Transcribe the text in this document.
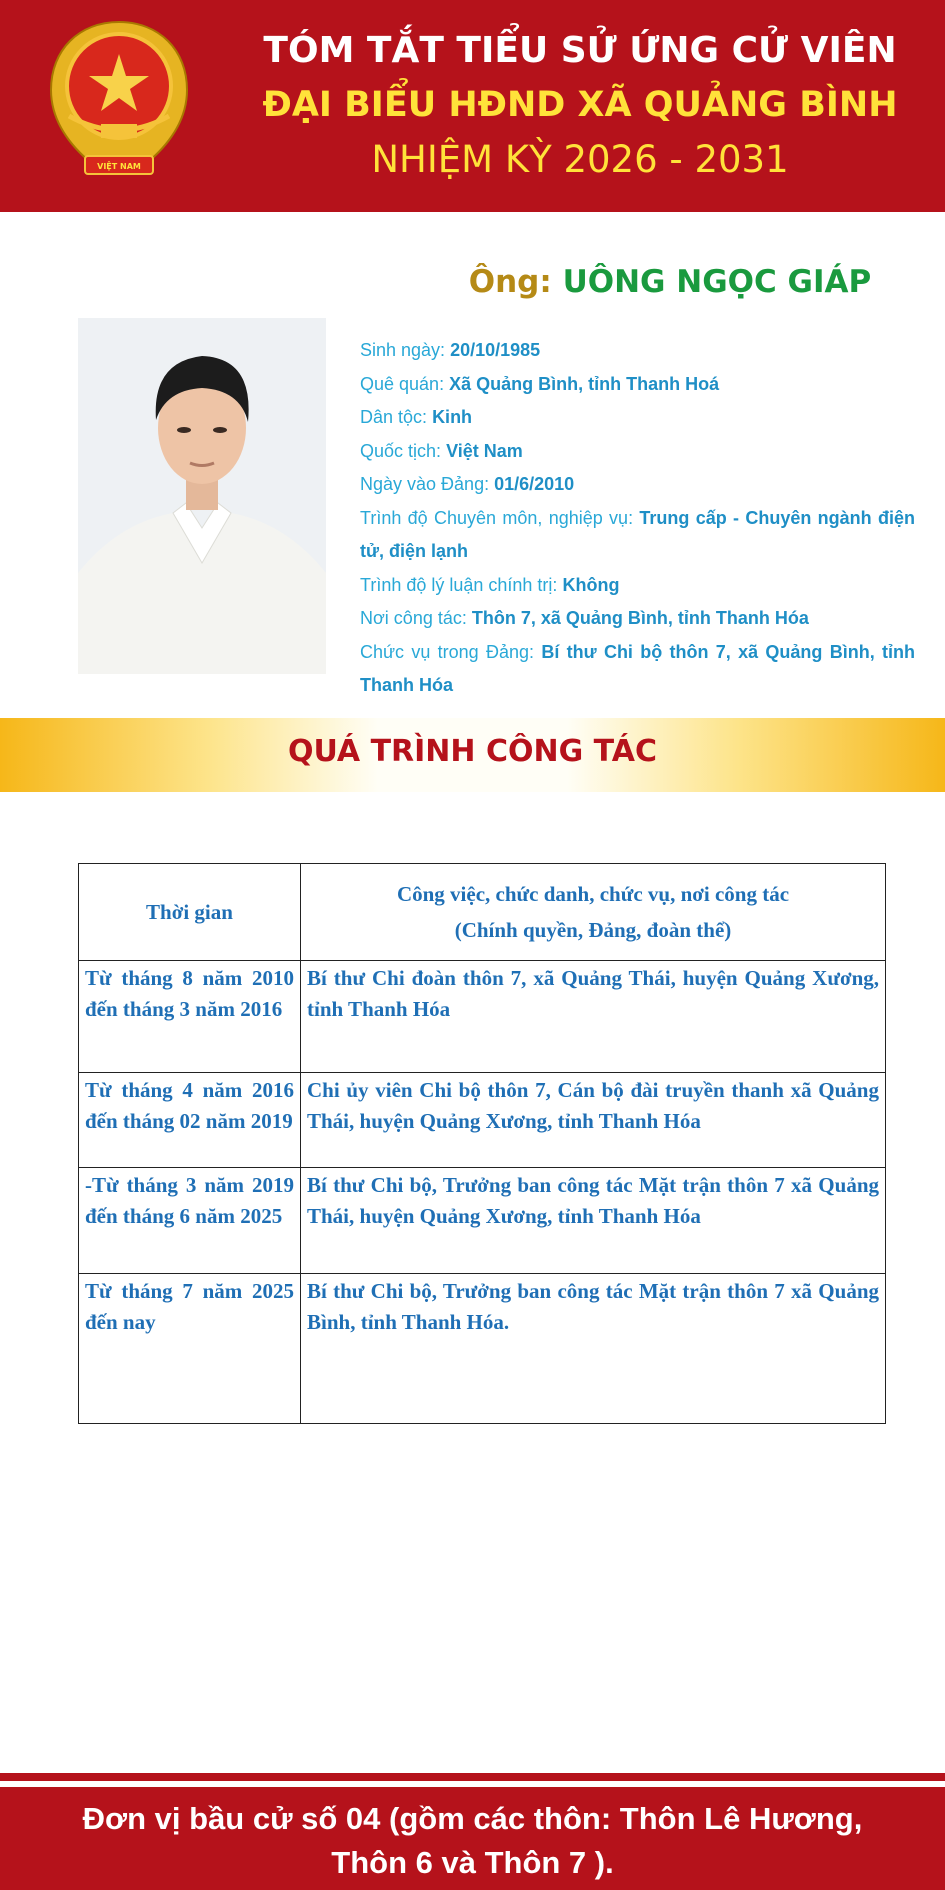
VIỆT NAM
TÓM TẮT TIỂU SỬ ỨNG CỬ VIÊN
ĐẠI BIỂU HĐND XÃ QUẢNG BÌNH
NHIỆM KỲ 2026 - 2031
Ông: UÔNG NGỌC GIÁP

Sinh ngày: 20/10/1985

Quê quán: Xã Quảng Bình, tỉnh Thanh Hoá

Dân tộc: Kinh

Quốc tịch: Việt Nam

Ngày vào Đảng: 01/6/2010

Trình độ Chuyên môn, nghiệp vụ: Trung cấp - Chuyên ngành điện tử, điện lạnh

Trình độ lý luận chính trị: Không

Nơi công tác: Thôn 7, xã Quảng Bình, tỉnh Thanh Hóa

Chức vụ trong Đảng: Bí thư Chi bộ thôn 7, xã Quảng Bình, tỉnh Thanh Hóa

QUÁ TRÌNH CÔNG TÁC
Thời gian	Công việc, chức danh, chức vụ, nơi công tác
(Chính quyền, Đảng, đoàn thể)

Từ tháng 8 năm 2010 đến tháng 3 năm 2016	Bí thư Chi đoàn thôn 7, xã Quảng Thái, huyện Quảng Xương, tỉnh Thanh Hóa
Từ tháng 4 năm 2016 đến tháng 02 năm 2019	Chi ủy viên Chi bộ thôn 7, Cán bộ đài truyền thanh xã Quảng Thái, huyện Quảng Xương, tỉnh Thanh Hóa
-Từ tháng 3 năm 2019 đến tháng 6 năm 2025	Bí thư Chi bộ, Trưởng ban công tác Mặt trận thôn 7 xã Quảng Thái, huyện Quảng Xương, tỉnh Thanh Hóa
Từ tháng 7 năm 2025 đến nay	Bí thư Chi bộ, Trưởng ban công tác Mặt trận thôn 7 xã Quảng Bình, tỉnh Thanh Hóa.
Đơn vị bầu cử số 04 (gồm các thôn: Thôn Lê Hương,
Thôn 6 và Thôn 7 ).
